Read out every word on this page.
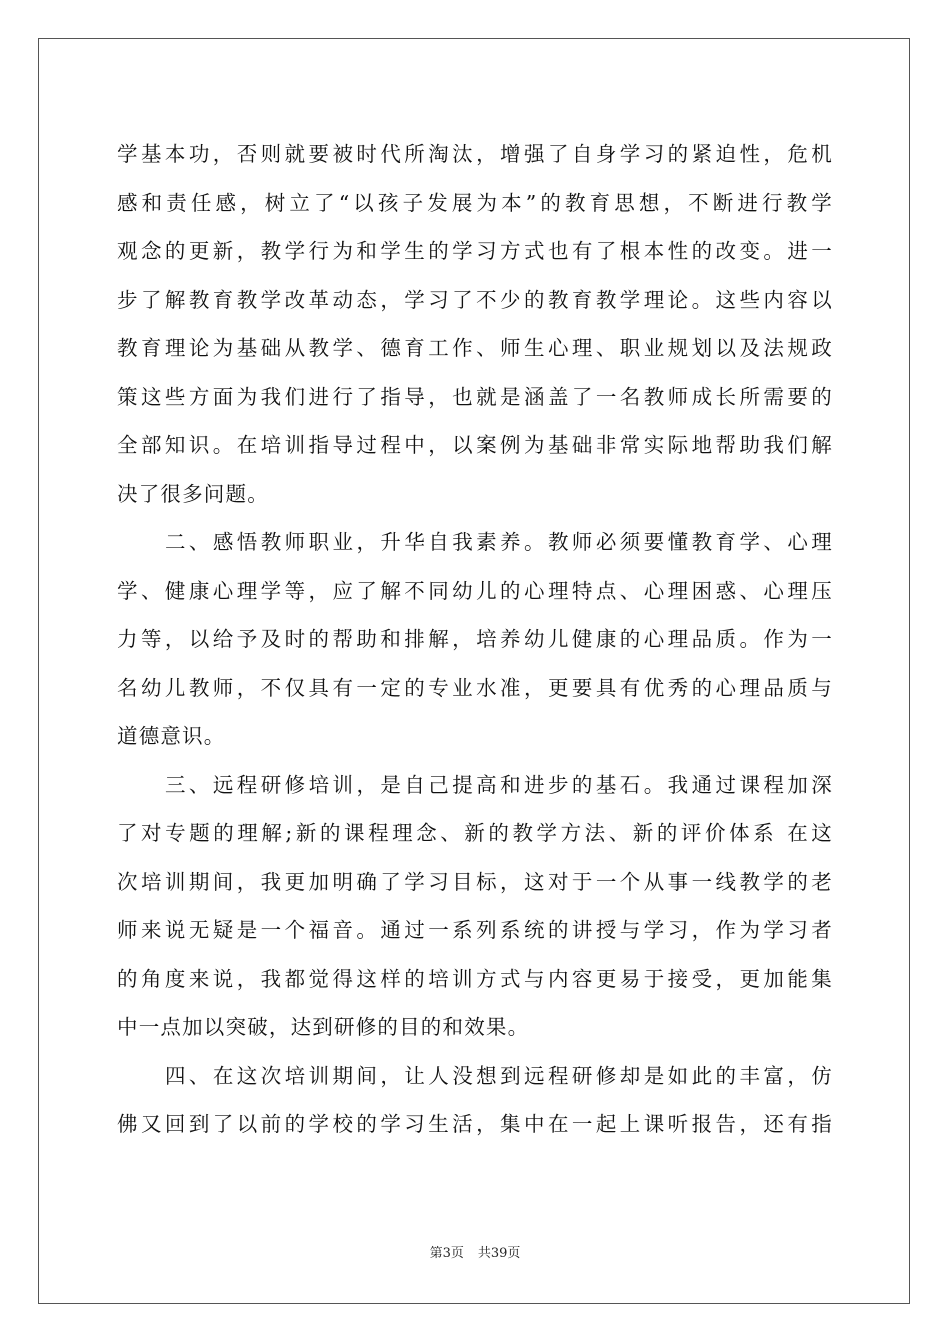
学基本功，否则就要被时代所淘汰，增强了自身学习的紧迫性，危机
感和责任感，树立了“以孩子发展为本”的教育思想，不断进行教学
观念的更新，教学行为和学生的学习方式也有了根本性的改变。进一
步了解教育教学改革动态，学习了不少的教育教学理论。这些内容以
教育理论为基础从教学、德育工作、师生心理、职业规划以及法规政
策这些方面为我们进行了指导，也就是涵盖了一名教师成长所需要的
全部知识。在培训指导过程中，以案例为基础非常实际地帮助我们解
决了很多问题。
二、感悟教师职业，升华自我素养。教师必须要懂教育学、心理
学、健康心理学等，应了解不同幼儿的心理特点、心理困惑、心理压
力等，以给予及时的帮助和排解，培养幼儿健康的心理品质。作为一
名幼儿教师，不仅具有一定的专业水准，更要具有优秀的心理品质与
道德意识。
三、远程研修培训，是自己提高和进步的基石。我通过课程加深
了对专题的理解;新的课程理念、新的教学方法、新的评价体系 在这
次培训期间，我更加明确了学习目标，这对于一个从事一线教学的老
师来说无疑是一个福音。通过一系列系统的讲授与学习，作为学习者
的角度来说，我都觉得这样的培训方式与内容更易于接受，更加能集
中一点加以突破，达到研修的目的和效果。
四、在这次培训期间，让人没想到远程研修却是如此的丰富，仿
佛又回到了以前的学校的学习生活，集中在一起上课听报告，还有指
第3页 共39页
